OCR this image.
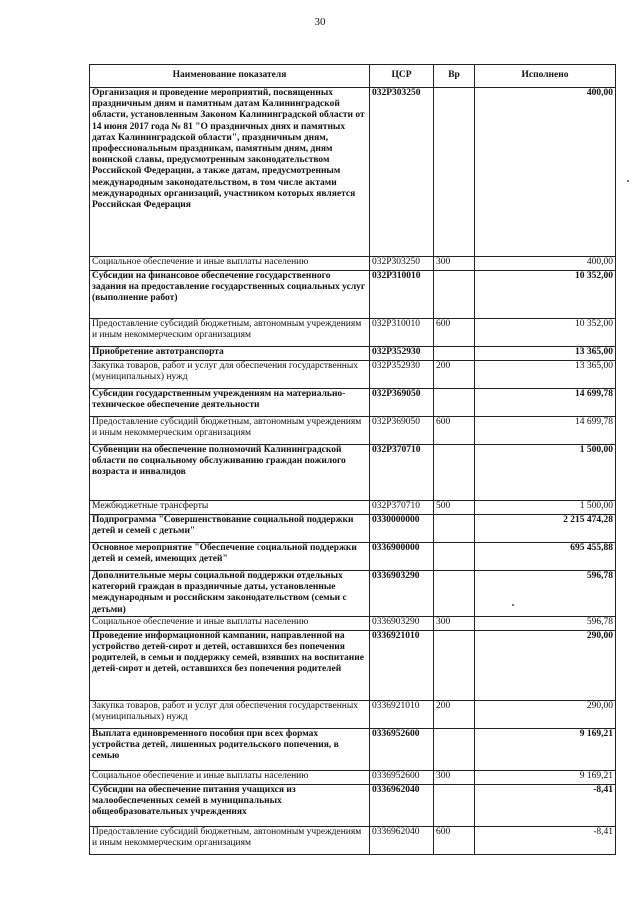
30
Наименование показателя	ЦСР	Вр	Исполнено
Организация и проведение мероприятий, посвященных праздничным дням и памятным датам Калининградской области, установленным Законом Калининградской области от 14 июня 2017 года № 81 "О праздничных днях и памятных датах Калининградской области", праздничным дням, профессиональным праздникам, памятным дням, дням воинской славы, предусмотренным законодательством Российской Федерации, а также датам, предусмотренным международным законодательством, в том числе актами международных организаций, участником которых является Российская Федерация	032P303250		400,00
Социальное обеспечение и иные выплаты населению	032P303250	300	400,00
Субсидии на финансовое обеспечение государственного задания на предоставление государственных социальных услуг (выполнение работ)	032P310010		10 352,00
Предоставление субсидий бюджетным, автономным учреждениям и иным некоммерческим организациям	032P310010	600	10 352,00
Приобретение автотранспорта	032P352930		13 365,00
Закупка товаров, работ и услуг для обеспечения государственных (муниципальных) нужд	032P352930	200	13 365,00
Субсидии государственным учреждениям на материально-техническое обеспечение деятельности	032P369050		14 699,78
Предоставление субсидий бюджетным, автономным учреждениям и иным некоммерческим организациям	032P369050	600	14 699,78
Субвенции на обеспечение полномочий Калининградской области по социальному обслуживанию граждан пожилого возраста и инвалидов	032P370710		1 500,00
Межбюджетные трансферты	032P370710	500	1 500,00
Подпрограмма "Совершенствование социальной поддержки детей и семей с детьми"	0330000000		2 215 474,28
Основное мероприятие "Обеспечение социальной поддержки детей и семей, имеющих детей"	0336900000		695 455,88
Дополнительные меры социальной поддержки отдельных категорий граждан в праздничные даты, установленные международным и российским законодательством (семьи с детьми)	0336903290		596,78
Социальное обеспечение и иные выплаты населению	0336903290	300	596,78
Проведение информационной кампании, направленной на устройство детей-сирот и детей, оставшихся без попечения родителей, в семьи и поддержку семей, взявших на воспитание детей-сирот и детей, оставшихся без попечения родителей	0336921010		290,00
Закупка товаров, работ и услуг для обеспечения государственных (муниципальных) нужд	0336921010	200	290,00
Выплата единовременного пособия при всех формах устройства детей, лишенных родительского попечения, в семью	0336952600		9 169,21
Социальное обеспечение и иные выплаты населению	0336952600	300	9 169,21
Субсидии на обеспечение питания учащихся из малообеспеченных семей в муниципальных общеобразовательных учреждениях	0336962040		-8,41
Предоставление субсидий бюджетным, автономным учреждениям и иным некоммерческим организациям	0336962040	600	-8,41
